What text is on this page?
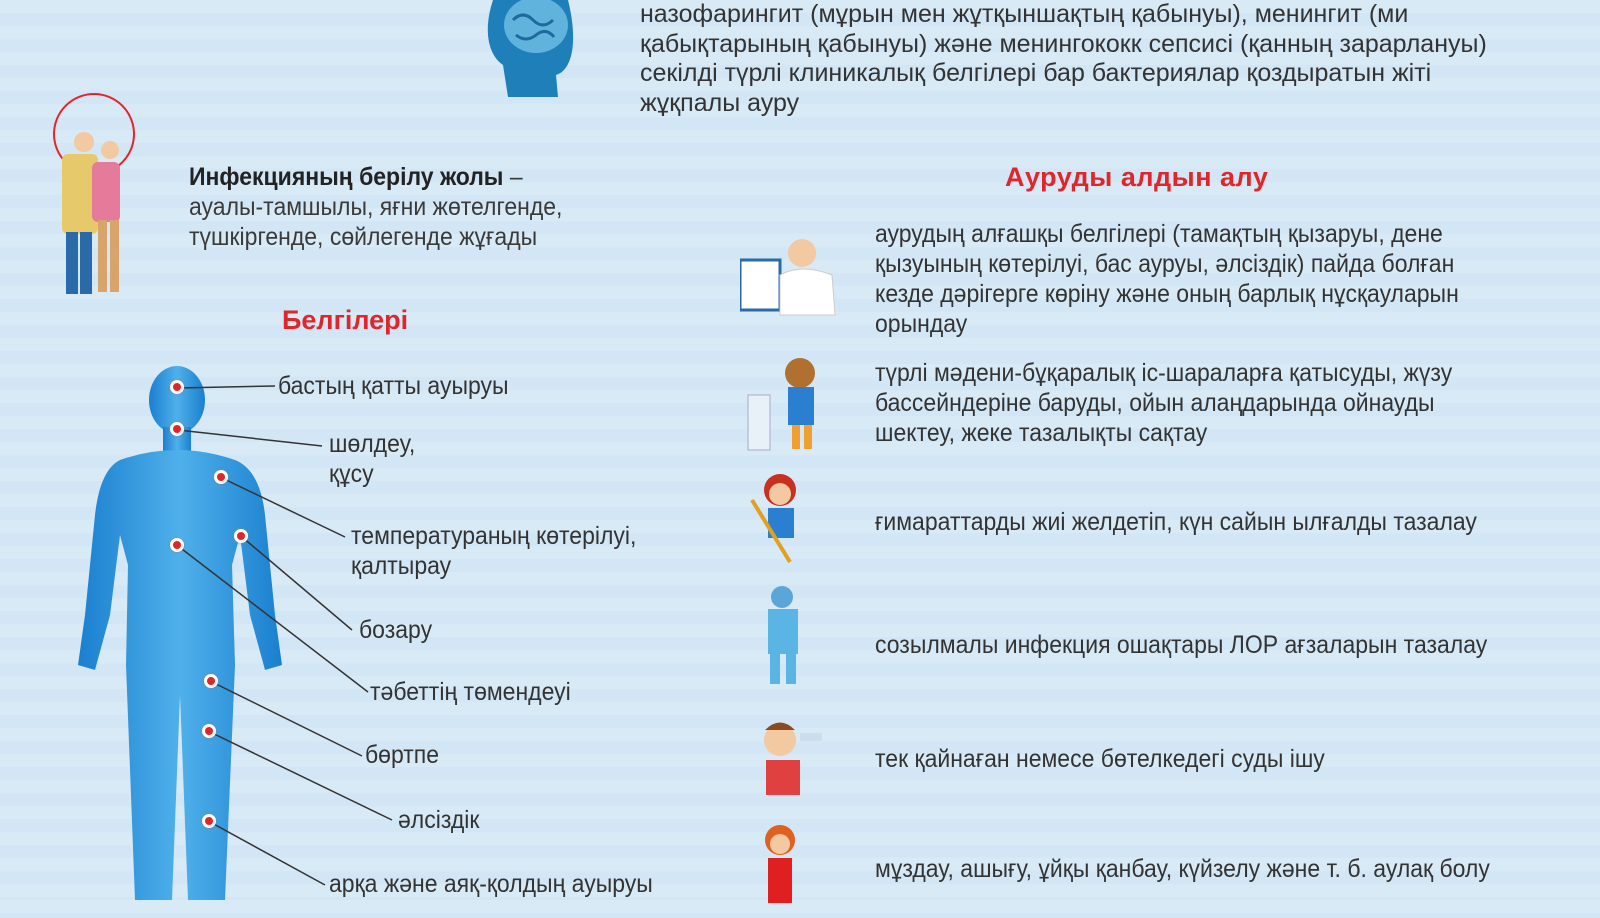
назофарингит (мұрын мен жұтқыншақтың қабынуы), менингит (ми
қабықтарының қабынуы) және менингококк сепсисі (қанның зарарлануы)
секілді түрлі клиникалық белгілері бар бактериялар қоздыратын жіті
жұқпалы ауру
Инфекцияның берілу жолы –
ауалы-тамшылы, яғни жөтелгенде,
түшкіргенде, сөйлегенде жұғады
Белгілері
бастың қатты ауыруы
шөлдеу,
құсу
температураның көтерілуі,
қалтырау
бозару
тәбеттің төмендеуі
бөртпе
әлсіздік
арқа және аяқ-қолдың ауыруы
Ауруды алдын алу
аурудың алғашқы белгілері (тамақтың қызаруы, дене
қызуының көтерілуі, бас ауруы, әлсіздік) пайда болған
кезде дәрігерге көріну және оның барлық нұсқауларын
орындау
түрлі мәдени-бұқаралық іс-шараларға қатысуды, жүзу
бассейндеріне баруды, ойын алаңдарында ойнауды
шектеу, жеке тазалықты сақтау
ғимараттарды жиі желдетіп, күн сайын ылғалды тазалау
созылмалы инфекция ошақтары ЛОР ағзаларын тазалау
тек қайнаған немесе бөтелкедегі суды ішу
мұздау, ашығу, ұйқы қанбау, күйзелу және т. б. аулақ болу
